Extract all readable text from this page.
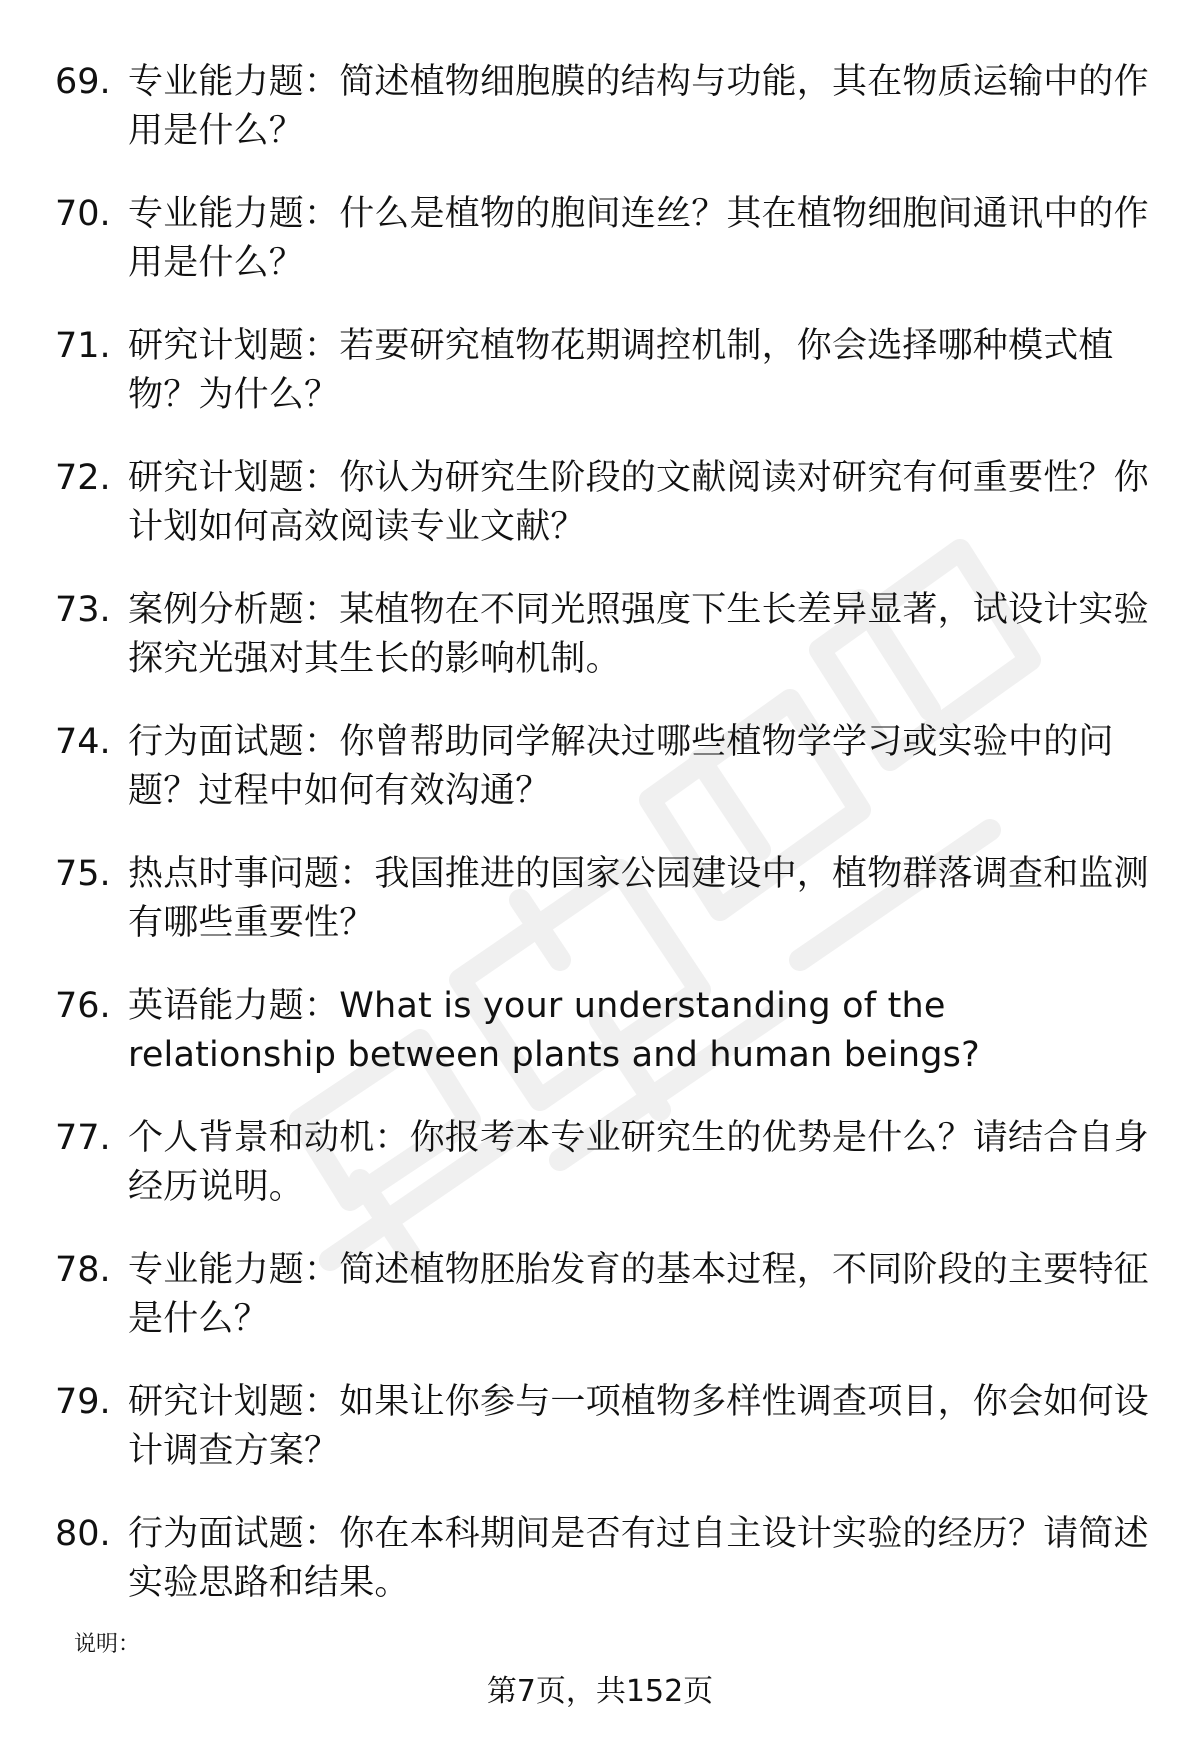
69. 专业能力题：简述植物细胞膜的结构与功能，其在物质运输中的作用是什么？
70. 专业能力题：什么是植物的胞间连丝？其在植物细胞间通讯中的作用是什么？
71. 研究计划题：若要研究植物花期调控机制，你会选择哪种模式植物？为什么？
72. 研究计划题：你认为研究生阶段的文献阅读对研究有何重要性？你计划如何高效阅读专业文献？
73. 案例分析题：某植物在不同光照强度下生长差异显著，试设计实验探究光强对其生长的影响机制。
74. 行为面试题：你曾帮助同学解决过哪些植物学学习或实验中的问题？过程中如何有效沟通？
75. 热点时事问题：我国推进的国家公园建设中，植物群落调查和监测有哪些重要性？
76. 英语能力题：What is your understanding of the relationship between plants and human beings?
77. 个人背景和动机：你报考本专业研究生的优势是什么？请结合自身经历说明。
78. 专业能力题：简述植物胚胎发育的基本过程，不同阶段的主要特征是什么？
79. 研究计划题：如果让你参与一项植物多样性调查项目，你会如何设计调查方案？
80. 行为面试题：你在本科期间是否有过自主设计实验的经历？请简述实验思路和结果。
说明：
第7页，共152页
